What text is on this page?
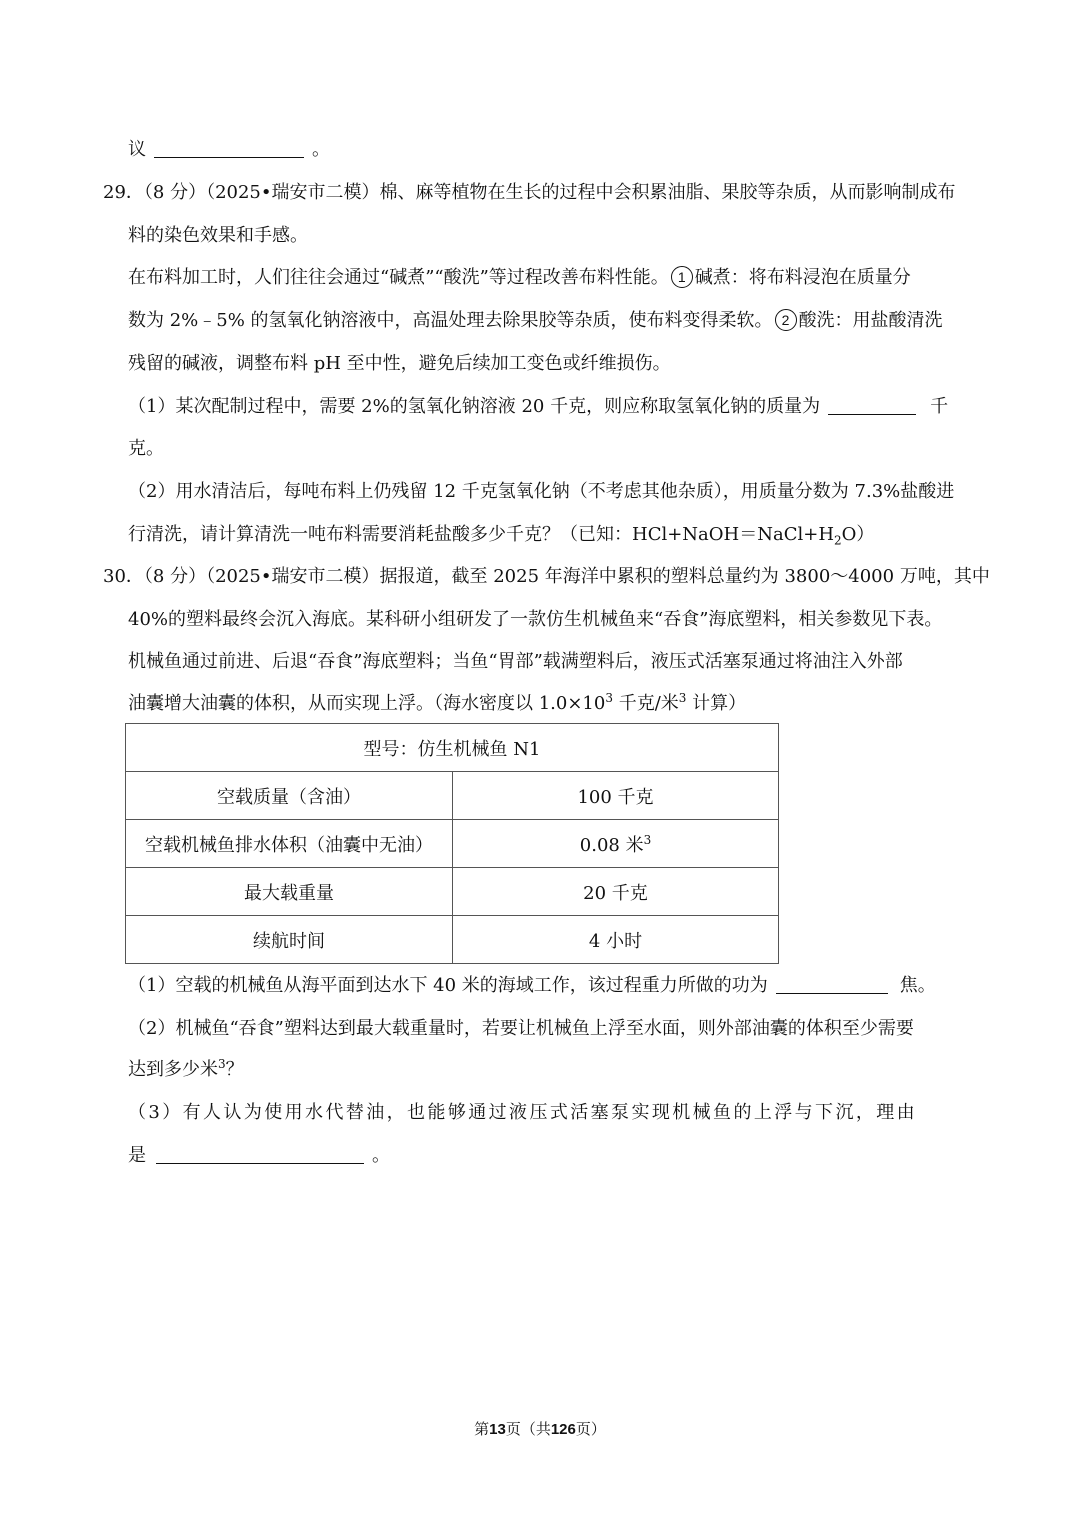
议	。
29．（8 分）（2025•瑞安市二模）棉、麻等植物在生长的过程中会积累油脂、果胶等杂质，从而影响制成布
料的染色效果和手感。
在布料加工时，人们往往会通过“碱煮”“酸洗”等过程改善布料性能。 1 碱煮：将布料浸泡在质量分
数为 2%﹣5% 的氢氧化钠溶液中，高温处理去除果胶等杂质，使布料变得柔软。 2 酸洗：用盐酸清洗
残留的碱液，调整布料 pH 至中性，避免后续加工变色或纤维损伤。
（1）某次配制过程中，需要 2%的氢氧化钠溶液 20 千克，则应称取氢氧化钠的质量为	千
克。
（2）用水清洁后，每吨布料上仍残留 12 千克氢氧化钠（不考虑其他杂质），用质量分数为 7.3%盐酸进
行清洗，请计算清洗一吨布料需要消耗盐酸多少千克？（已知：$HCl+NaOH=NaCl+H_2O$）
30．（8 分）（2025•瑞安市二模）据报道，截至 2025 年海洋中累积的塑料总量约为 3800～4000 万吨，其中
40%的塑料最终会沉入海底。某科研小组研发了一款仿生机械鱼来“吞食”海底塑料，相关参数见下表。
机械鱼通过前进、后退“吞食”海底塑料；当鱼“胃部”载满塑料后，液压式活塞泵通过将油注入外部
油囊增大油囊的体积，从而实现上浮。（海水密度以 $1.0\times 10^3$ 千克/米$^3$ 计算）
型号：仿生机械鱼 N1	
空载质量（含油）	100 千克
空载机械鱼排水体积（油囊中无油）	0.08 米$^3$
最大载重量	20 千克
续航时间	4 小时
（1）空载的机械鱼从海平面到达水下 40 米的海域工作，该过程重力所做的功为	焦。
（2）机械鱼“吞食”塑料达到最大载重量时，若要让机械鱼上浮至水面，则外部油囊的体积至少需要
达到多少米$^3$？
（3）有人认为使用水代替油，也能够通过液压式活塞泵实现机械鱼的上浮与下沉，理由
是	。
第13页（共126页）
